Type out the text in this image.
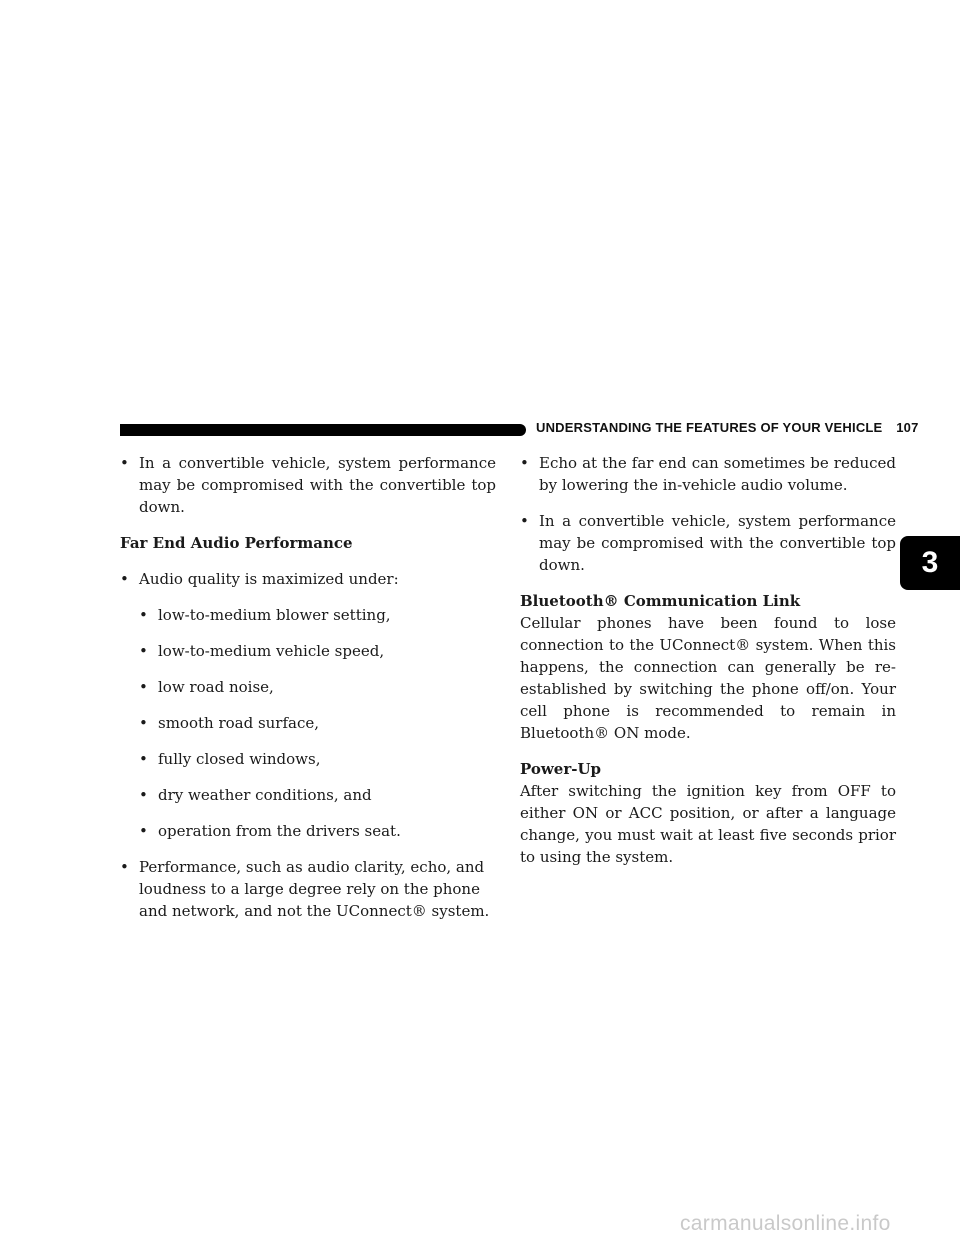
UNDERSTANDING THE FEATURES OF YOUR VEHICLE 107
• In a convertible vehicle, system performance may be compromised with the convertible top down.
Far End Audio Performance
• Audio quality is maximized under:
• low-to-medium blower setting,
• low-to-medium vehicle speed,
• low road noise,
• smooth road surface,
• fully closed windows,
• dry weather conditions, and
• operation from the drivers seat.
• Performance, such as audio clarity, echo, and loudness to a large degree rely on the phone and network, and not the UConnect® system.
• Echo at the far end can sometimes be reduced by lowering the in-vehicle audio volume.
• In a convertible vehicle, system performance may be compromised with the convertible top down.
Bluetooth® Communication Link
Cellular phones have been found to lose connection to the UConnect® system. When this happens, the connection can generally be re-established by switching the phone off/on. Your cell phone is recommended to remain in Bluetooth® ON mode.
Power-Up
After switching the ignition key from OFF to either ON or ACC position, or after a language change, you must wait at least five seconds prior to using the system.
3
carmanualsonline.info
